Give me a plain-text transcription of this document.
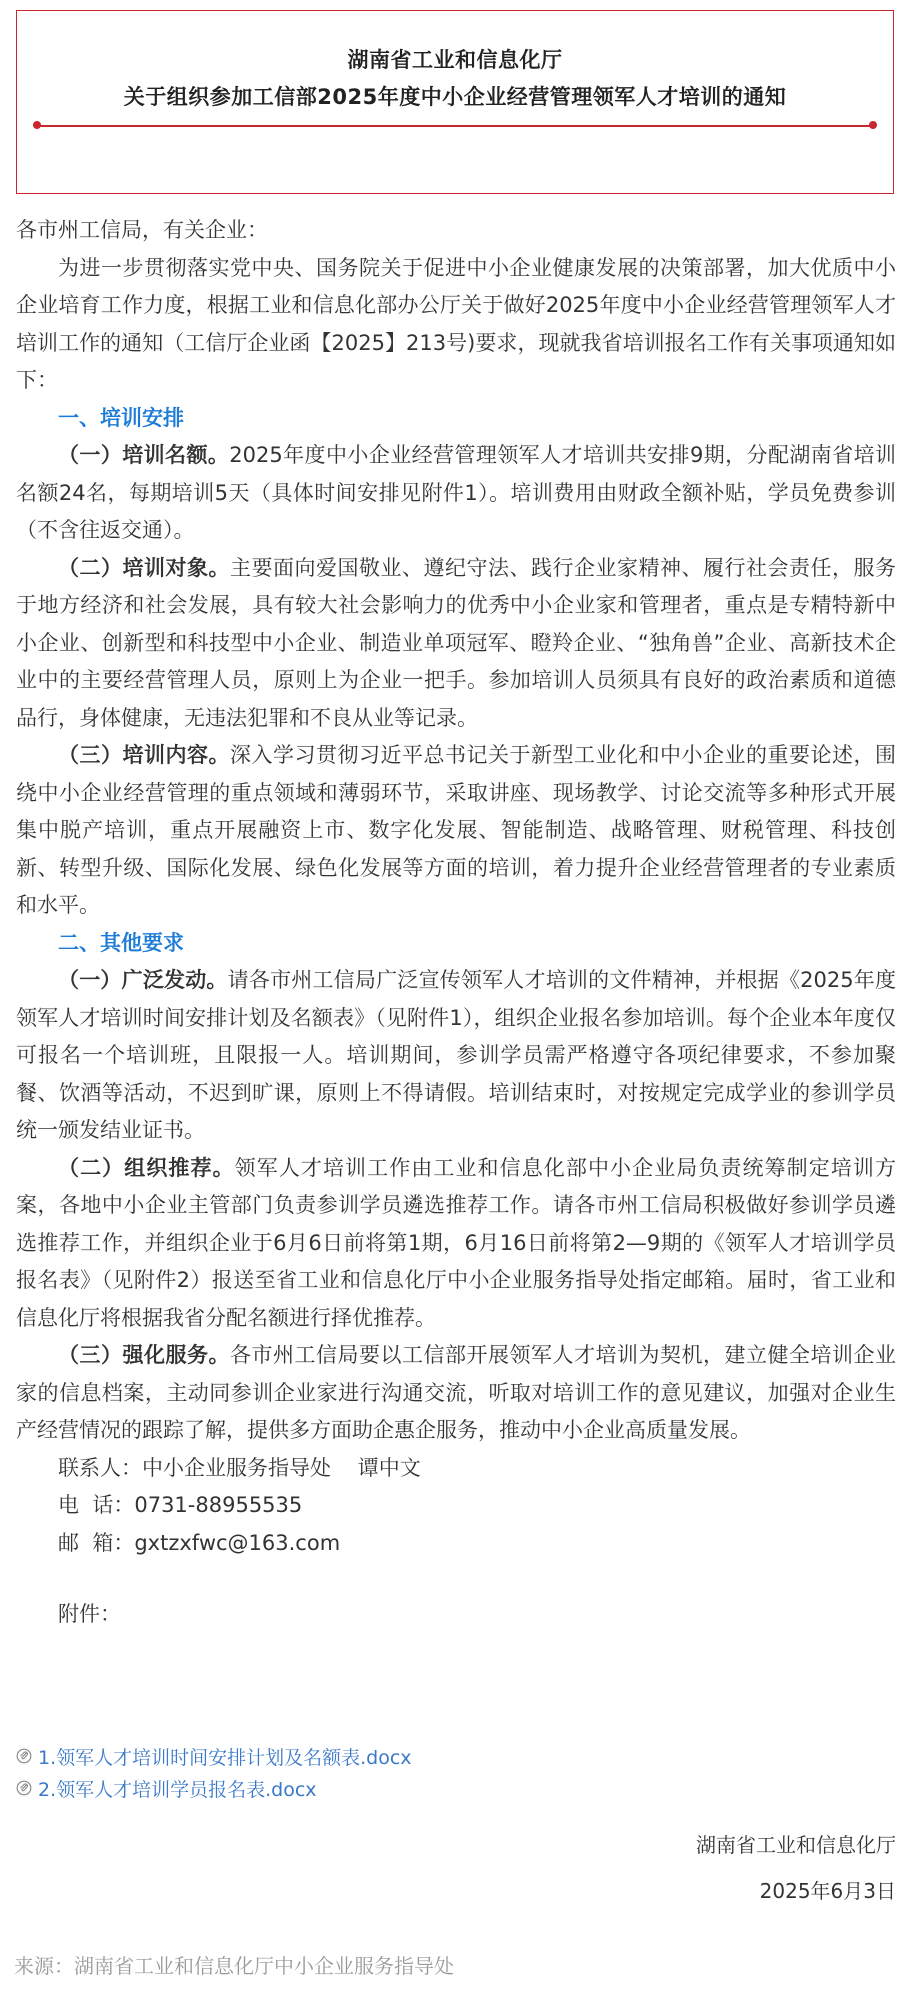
湖南省工业和信息化厅
关于组织参加工信部2025年度中小企业经营管理领军人才培训的通知

各市州工信局，有关企业：

为进一步贯彻落实党中央、国务院关于促进中小企业健康发展的决策部署，加大优质中小企业培育工作力度，根据工业和信息化部办公厅关于做好2025年度中小企业经营管理领军人才培训工作的通知（工信厅企业函【2025】213号)要求，现就我省培训报名工作有关事项通知如下：

一、培训安排

（一）培训名额。2025年度中小企业经营管理领军人才培训共安排9期，分配湖南省培训名额24名，每期培训5天（具体时间安排见附件1）。培训费用由财政全额补贴，学员免费参训（不含往返交通）。

（二）培训对象。主要面向爱国敬业、遵纪守法、践行企业家精神、履行社会责任，服务于地方经济和社会发展，具有较大社会影响力的优秀中小企业家和管理者，重点是专精特新中小企业、创新型和科技型中小企业、制造业单项冠军、瞪羚企业、“独角兽”企业、高新技术企业中的主要经营管理人员，原则上为企业一把手。参加培训人员须具有良好的政治素质和道德品行，身体健康，无违法犯罪和不良从业等记录。

（三）培训内容。深入学习贯彻习近平总书记关于新型工业化和中小企业的重要论述，围绕中小企业经营管理的重点领域和薄弱环节，采取讲座、现场教学、讨论交流等多种形式开展集中脱产培训，重点开展融资上市、数字化发展、智能制造、战略管理、财税管理、科技创新、转型升级、国际化发展、绿色化发展等方面的培训，着力提升企业经营管理者的专业素质和水平。

二、其他要求

（一）广泛发动。请各市州工信局广泛宣传领军人才培训的文件精神，并根据《2025年度领军人才培训时间安排计划及名额表》（见附件1），组织企业报名参加培训。每个企业本年度仅可报名一个培训班，且限报一人。培训期间，参训学员需严格遵守各项纪律要求，不参加聚餐、饮酒等活动，不迟到旷课，原则上不得请假。培训结束时，对按规定完成学业的参训学员统一颁发结业证书。

（二）组织推荐。领军人才培训工作由工业和信息化部中小企业局负责统筹制定培训方案，各地中小企业主管部门负责参训学员遴选推荐工作。请各市州工信局积极做好参训学员遴选推荐工作，并组织企业于6月6日前将第1期，6月16日前将第2—9期的《领军人才培训学员报名表》（见附件2）报送至省工业和信息化厅中小企业服务指导处指定邮箱。届时，省工业和信息化厅将根据我省分配名额进行择优推荐。

（三）强化服务。各市州工信局要以工信部开展领军人才培训为契机，建立健全培训企业家的信息档案，主动同参训企业家进行沟通交流，听取对培训工作的意见建议，加强对企业生产经营情况的跟踪了解，提供多方面助企惠企服务，推动中小企业高质量发展。

联系人：中小企业服务指导处    谭中文

电  话：0731-88955535

邮  箱：gxtzxfwc@163.com

附件：

1.领军人才培训时间安排计划及名额表.docx
2.领军人才培训学员报名表.docx
湖南省工业和信息化厅
2025年6月3日
来源：湖南省工业和信息化厅中小企业服务指导处
